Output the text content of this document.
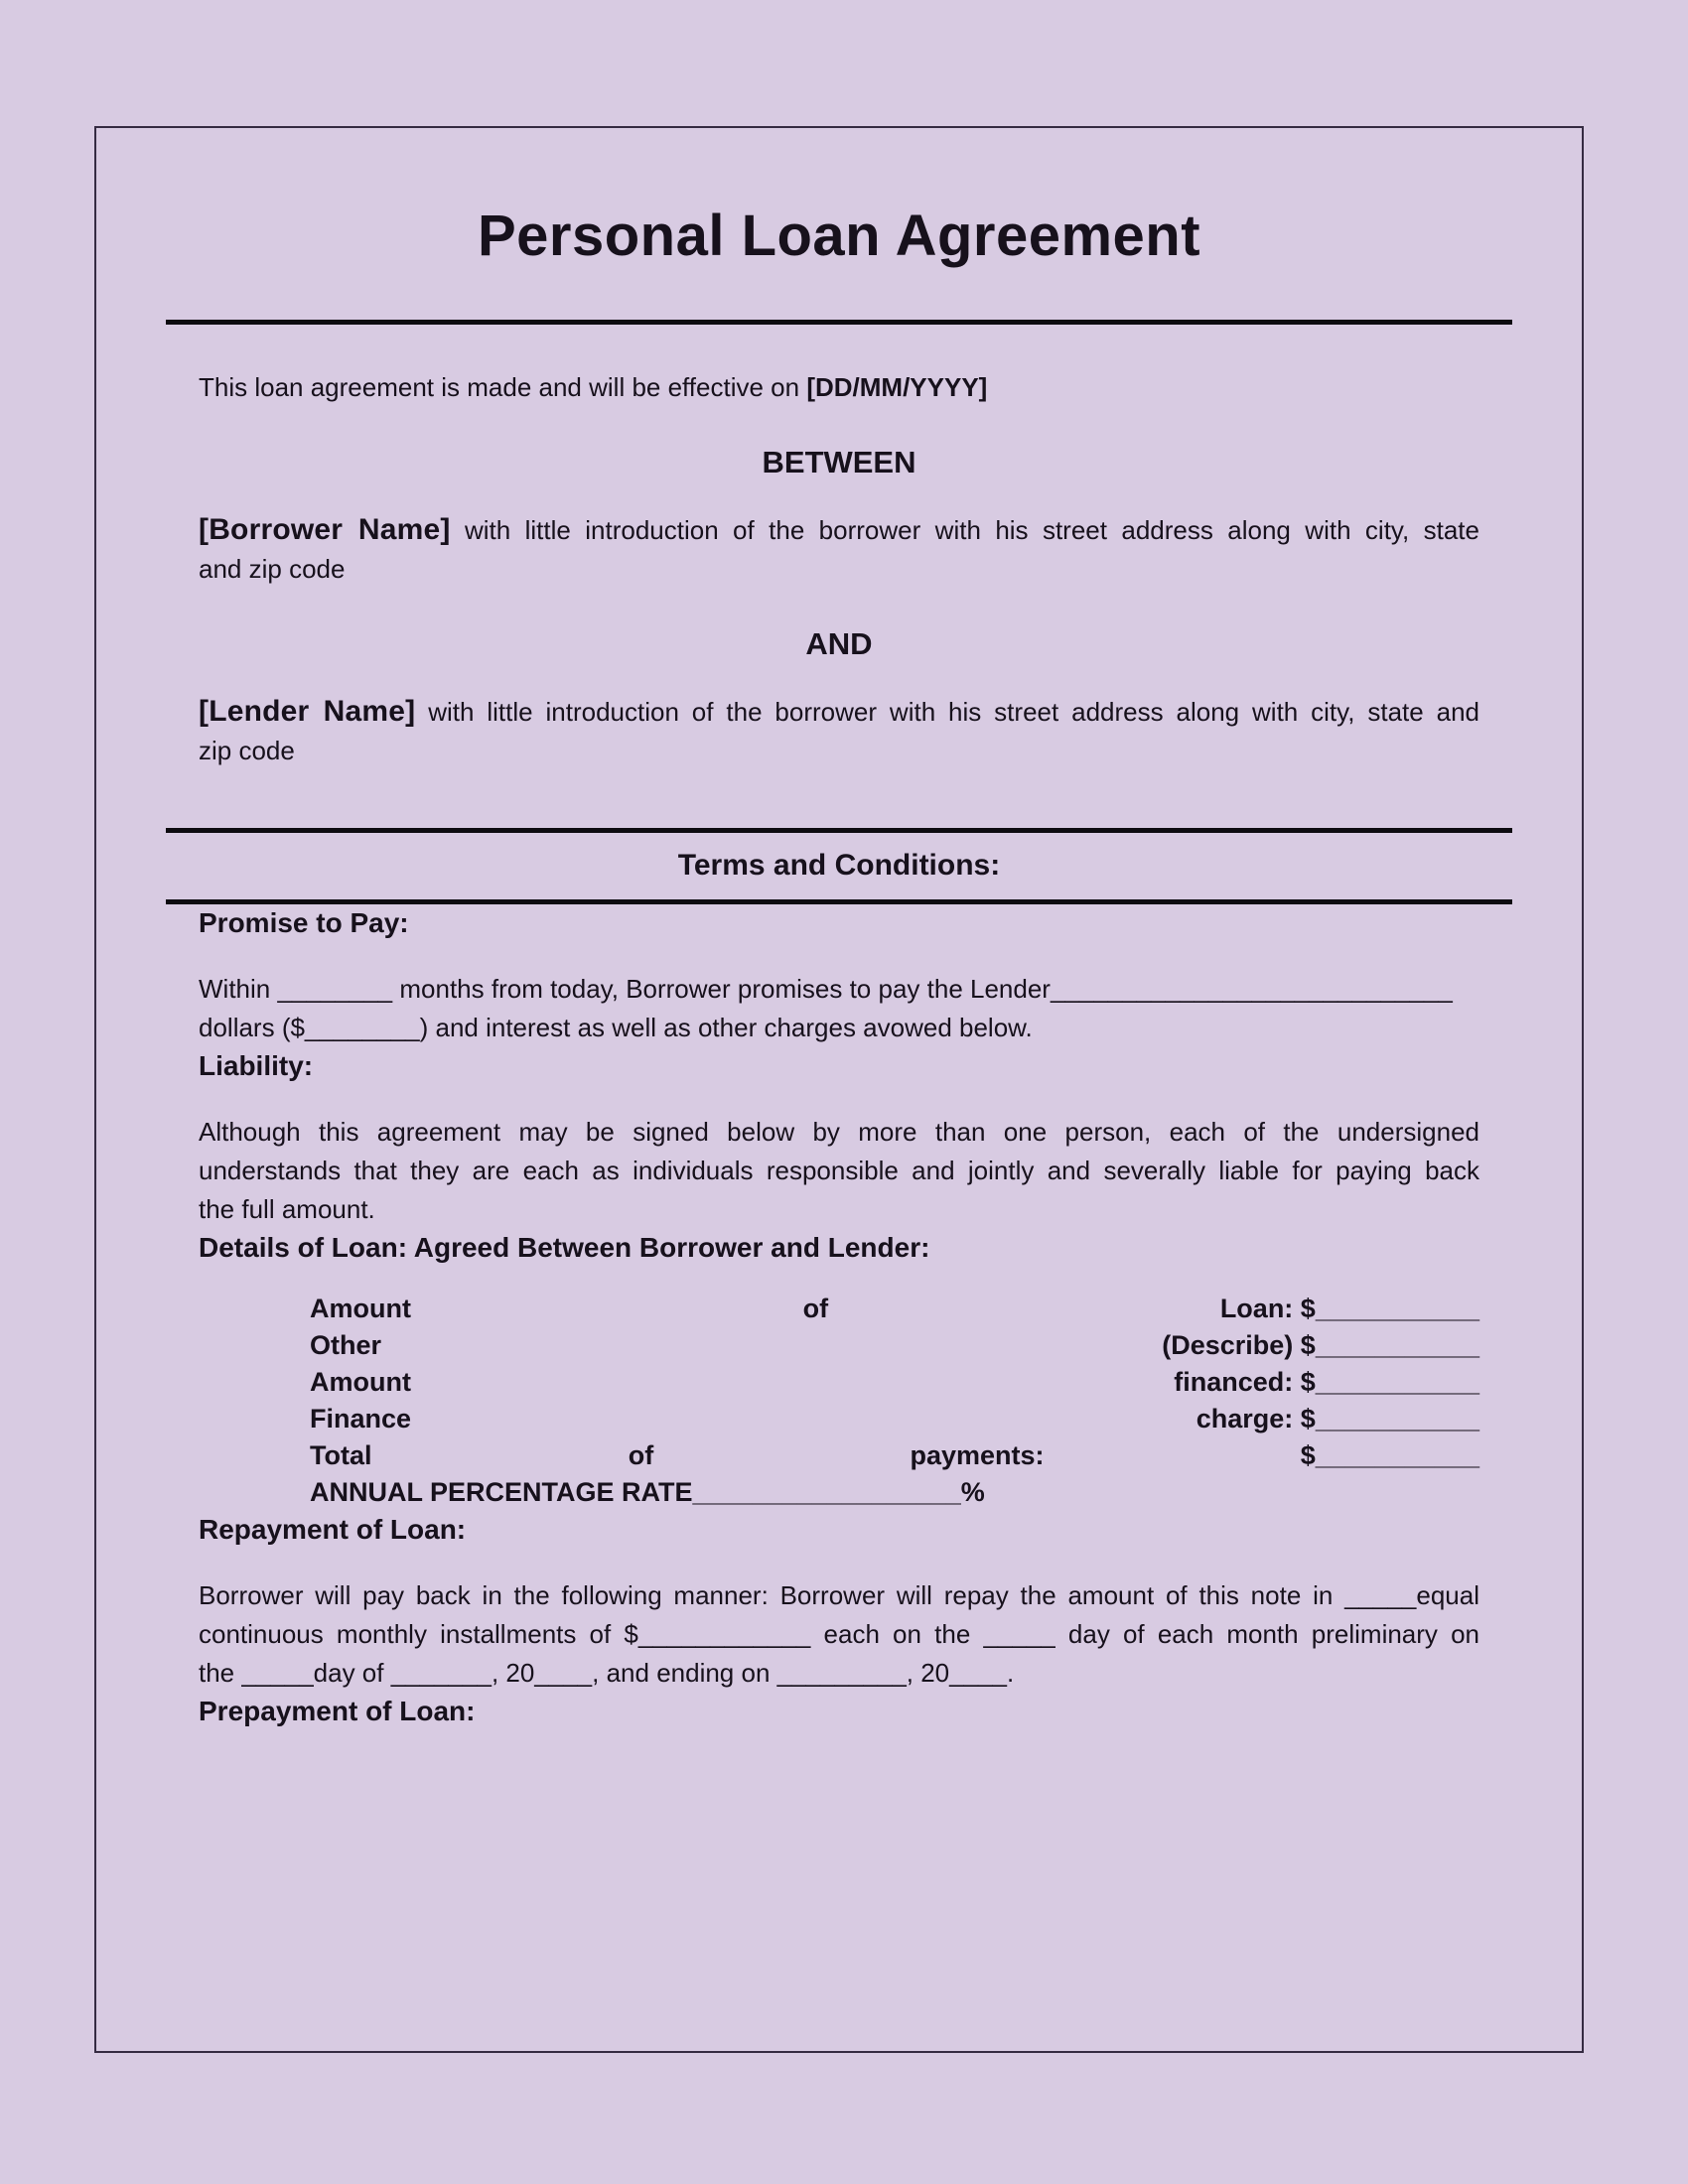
Personal Loan Agreement
This loan agreement is made and will be effective on [DD/MM/YYYY]
BETWEEN
[Borrower Name] with little introduction of the borrower with his street address along with city, state
and zip code
AND
[Lender Name] with little introduction of the borrower with his street address along with city, state and
zip code
Terms and Conditions:
Promise to Pay:
Within ________ months from today, Borrower promises to pay the Lender____________________________
dollars ($________) and interest as well as other charges avowed below.
Liability:
Although this agreement may be signed below by more than one person, each of the undersigned
understands that they are each as individuals responsible and jointly and severally liable for paying back
the full amount.
Details of Loan: Agreed Between Borrower and Lender:
Amount	of	Loan: $___________
Other	(Describe) $___________
Amount	financed: $___________
Finance	charge: $___________
Total	of	payments:	$___________
ANNUAL PERCENTAGE RATE__________________%
Repayment of Loan:
Borrower will pay back in the following manner: Borrower will repay the amount of this note in _____equal
continuous monthly installments of $____________ each on the _____ day of each month preliminary on
the _____day of _______, 20____, and ending on _________, 20____.
Prepayment of Loan:
